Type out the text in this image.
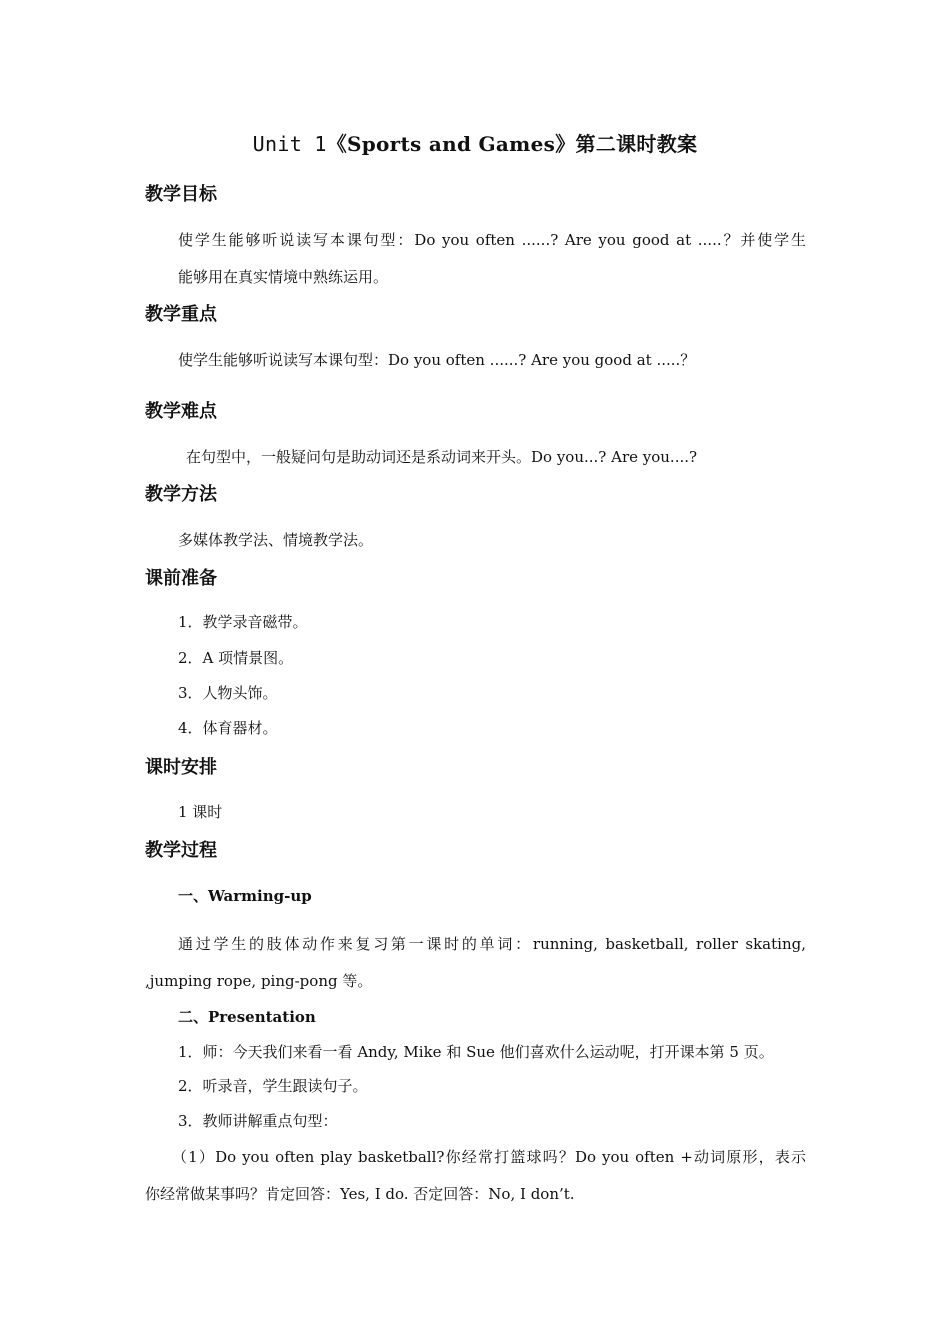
Unit 1《Sports and Games》第二课时教案
教学目标
使学生能够听说读写本课句型：Do you often ......? Are you good at .....？并使学生
能够用在真实情境中熟练运用。
教学重点
使学生能够听说读写本课句型：Do you often ......? Are you good at .....？
教学难点
在句型中，一般疑问句是助动词还是系动词来开头。Do you...? Are you....?
教学方法
多媒体教学法、情境教学法。
课前准备
1．教学录音磁带。
2．A 项情景图。
3．人物头饰。
4．体育器材。
课时安排
1 课时
教学过程
一、Warming-up
通过学生的肢体动作来复习第一课时的单词：running, basketball, roller skating,
,jumping rope, ping-pong 等。
二、Presentation
1．师：今天我们来看一看 Andy, Mike 和 Sue 他们喜欢什么运动呢，打开课本第 5 页。
2．听录音，学生跟读句子。
3．教师讲解重点句型：
（1）Do you often play basketball?你经常打篮球吗？Do you often +动词原形，表示
你经常做某事吗？肯定回答：Yes, I do. 否定回答：No, I don’t.
